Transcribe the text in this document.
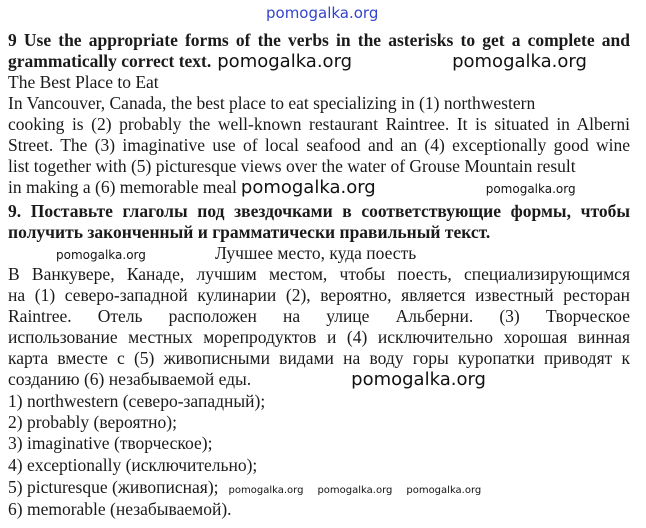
pomogalka.org
9 Use the appropriate forms of the verbs in the asterisks to get a complete and
grammatically correct text. pomogalka.org	pomogalka.org
The Best Place to Eat
In Vancouver, Canada, the best place to eat specializing in (1) northwestern
cooking is (2) probably the well-known restaurant Raintree. It is situated in Alberni
Street. The (3) imaginative use of local seafood and an (4) exceptionally good wine
list together with (5) picturesque views over the water of Grouse Mountain result
in making a (6) memorable meal pomogalka.org	pomogalka.org
9. Поставьте глаголы под звездочками в соответствующие формы, чтобы
получить законченный и грамматически правильный текст.
pomogalka.org	Лучшее место, куда поесть
В Ванкувере, Канаде, лучшим местом, чтобы поесть, специализирующимся
на (1) северо-западной кулинарии (2), вероятно, является известный ресторан
Raintree. Отель расположен на улице Альберни. (3) Творческое
использование местных морепродуктов и (4) исключительно хорошая винная
карта вместе с (5) живописными видами на воду горы куропатки приводят к
созданию (6) незабываемой еды.	pomogalka.org
1) northwestern (северо-западный);
2) probably (вероятно);
3) imaginative (творческое);
4) exceptionally (исключительно);
5) picturesque (живописная); pomogalka.org pomogalka.org pomogalka.org
6) memorable (незабываемой).
